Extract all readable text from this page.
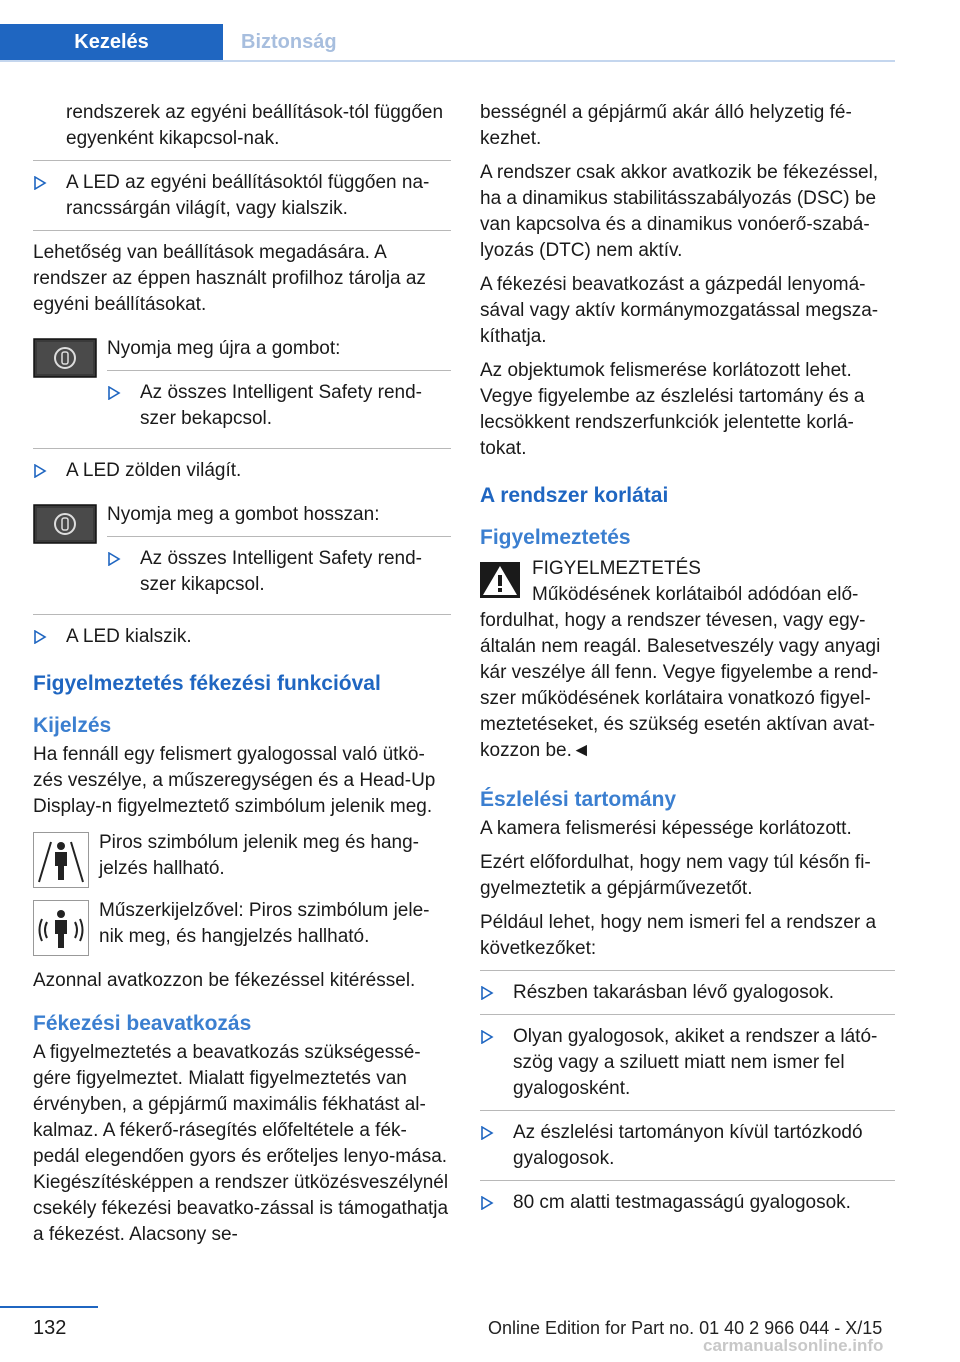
Kezelés	Biztonság

rendszerek az egyéni beállítások-tól függően egyenként kikapcsol-nak.

A LED az egyéni beállításoktól függően na-rancssárgán világít, vagy kialszik.

Lehetőség van beállítások megadására. A rendszer az éppen használt profilhoz tárolja az egyéni beállításokat.

Nyomja meg újra a gombot:

Az összes Intelligent Safety rend-szer bekapcsol.
A LED zölden világít.

Nyomja meg a gombot hosszan:

Az összes Intelligent Safety rend-szer kikapcsol.
A LED kialszik.
Figyelmeztetés fékezési funkcióval
Kijelzés

Ha fennáll egy felismert gyalogossal való ütkö-zés veszélye, a műszeregységen és a Head-Up Display-n figyelmeztető szimbólum jelenik meg.

Piros szimbólum jelenik meg és hang-jelzés hallható.
Műszerkijelzővel: Piros szimbólum jele-nik meg, és hangjelzés hallható.

Azonnal avatkozzon be fékezéssel kitéréssel.

Fékezési beavatkozás

A figyelmeztetés a beavatkozás szükségessé-gére figyelmeztet. Mialatt figyelmeztetés van érvényben, a gépjármű maximális fékhatást al-kalmaz. A fékerő-rásegítés előfeltétele a fék-pedál elegendően gyors és erőteljes lenyo-mása. Kiegészítésképpen a rendszer ütközésveszélynél csekély fékezési beavatko-zással is támogathatja a fékezést. Alacsony se-

bességnél a gépjármű akár álló helyzetig fé-kezhet.

A rendszer csak akkor avatkozik be fékezéssel, ha a dinamikus stabilitásszabályozás (DSC) be van kapcsolva és a dinamikus vonóerő-szabá-lyozás (DTC) nem aktív.

A fékezési beavatkozást a gázpedál lenyomá-sával vagy aktív kormánymozgatással megsza-kíthatja.

Az objektumok felismerése korlátozott lehet. Vegye figyelembe az észlelési tartomány és a lecsökkent rendszerfunkciók jelentette korlá-tokat.

A rendszer korlátai
Figyelmeztetés
FIGYELMEZTETÉS
Működésének korlátaiból adódóan elő-fordulhat, hogy a rendszer tévesen, vagy egy-általán nem reagál. Balesetveszély vagy anyagi kár veszélye áll fenn. Vegye figyelembe a rend-szer működésének korlátaira vonatkozó figyel-meztetéseket, és szükség esetén aktívan avat-kozzon be.◄
Észlelési tartomány

A kamera felismerési képessége korlátozott.

Ezért előfordulhat, hogy nem vagy túl későn fi-gyelmeztetik a gépjárművezetőt.

Például lehet, hogy nem ismeri fel a rendszer a következőket:

Részben takarásban lévő gyalogosok.
Olyan gyalogosok, akiket a rendszer a látó-szög vagy a sziluett miatt nem ismer fel gyalogosként.
Az észlelési tartományon kívül tartózkodó gyalogosok.
80 cm alatti testmagasságú gyalogosok.
132	Online Edition for Part no. 01 40 2 966 044 - X/15
carmanualsonline.info
